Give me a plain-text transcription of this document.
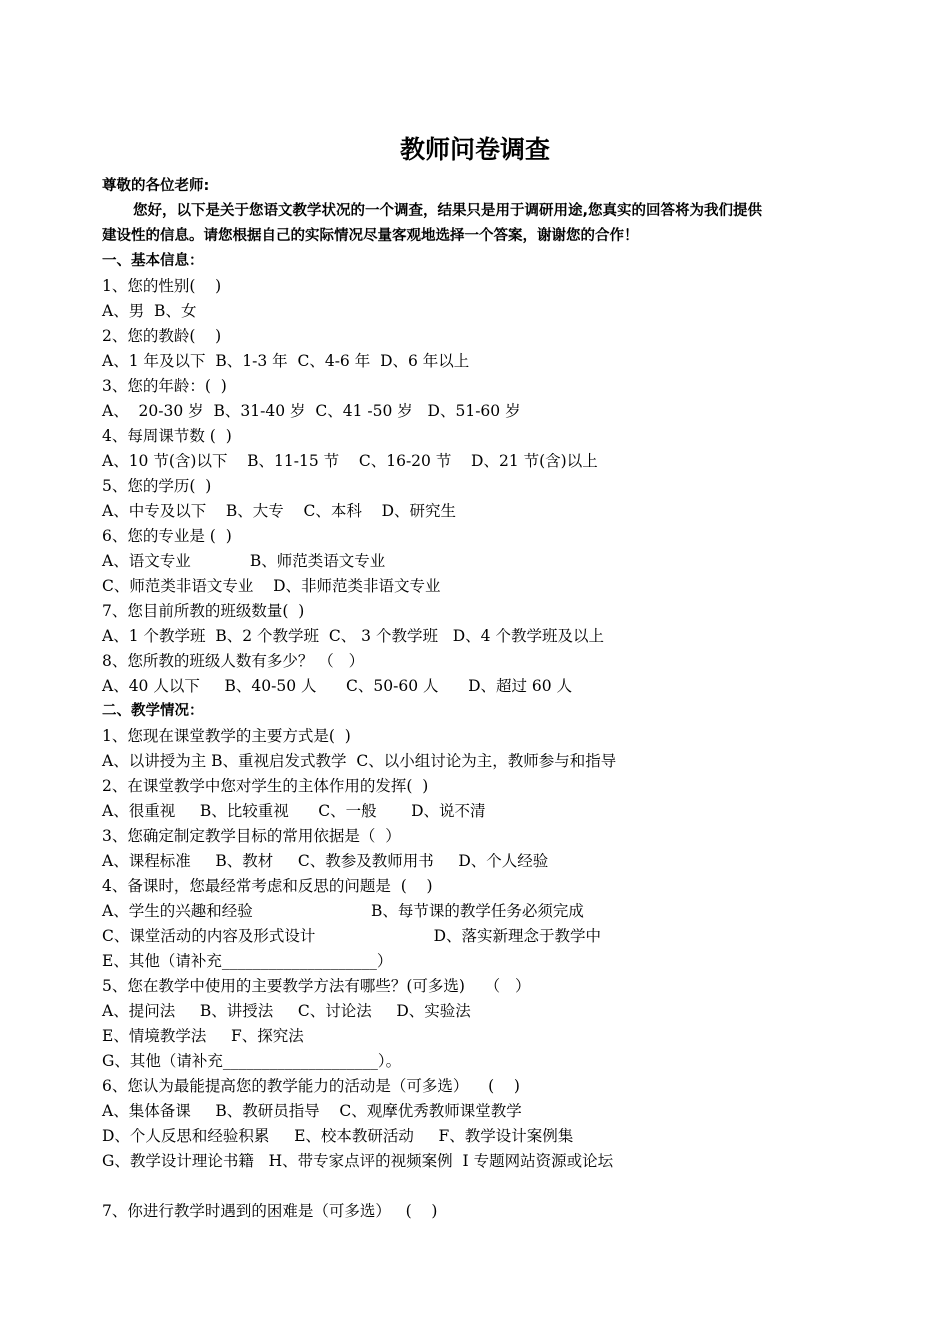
教师问卷调查
尊敬的各位老师:
您好，以下是关于您语文教学状况的一个调查，结果只是用于调研用途,您真实的回答将为我们提供
建设性的信息。请您根据自己的实际情况尽量客观地选择一个答案，谢谢您的合作！
一、基本信息：
1、您的性别(    )
A、男  B、女
2、您的教龄(    )
A、1 年及以下  B、1-3 年  C、4-6 年  D、6 年以上
3、您的年龄：(  )
A、  20-30 岁  B、31-40 岁  C、41 -50 岁   D、51-60 岁
4、每周课节数 (  )
A、10 节(含)以下    B、11-15 节    C、16-20 节    D、21 节(含)以上
5、您的学历(  )
A、中专及以下    B、大专    C、本科    D、研究生
6、您的专业是 (  )
A、语文专业            B、师范类语文专业
C、师范类非语文专业    D、非师范类非语文专业
7、您目前所教的班级数量(  )
A、1 个教学班  B、2 个教学班  C、 3 个教学班   D、4 个教学班及以上
8、您所教的班级人数有多少？ （   ）
A、40 人以下     B、40-50 人      C、50-60 人      D、超过 60 人
二、教学情况：
1、您现在课堂教学的主要方式是(  )
A、以讲授为主 B、重视启发式教学  C、以小组讨论为主，教师参与和指导
2、在课堂教学中您对学生的主体作用的发挥(  )
A、很重视     B、比较重视      C、一般       D、说不清
3、您确定制定教学目标的常用依据是（  ）
A、课程标准     B、教材     C、教参及教师用书     D、个人经验
4、备课时，您最经常考虑和反思的问题是  (    )
A、学生的兴趣和经验                        B、每节课的教学任务必须完成
C、课堂活动的内容及形式设计                        D、落实新理念于教学中
E、其他（请补充____________________）
5、您在教学中使用的主要教学方法有哪些？(可多选)    （   ）
A、提问法     B、讲授法     C、讨论法     D、实验法
E、情境教学法     F、探究法
G、其他（请补充____________________）。
6、您认为最能提高您的教学能力的活动是（可多选）    (    )
A、集体备课     B、教研员指导    C、观摩优秀教师课堂教学
D、个人反思和经验积累     E、校本教研活动     F、教学设计案例集
G、教学设计理论书籍   H、带专家点评的视频案例  I 专题网站资源或论坛
7、你进行教学时遇到的困难是（可多选）   (    )
